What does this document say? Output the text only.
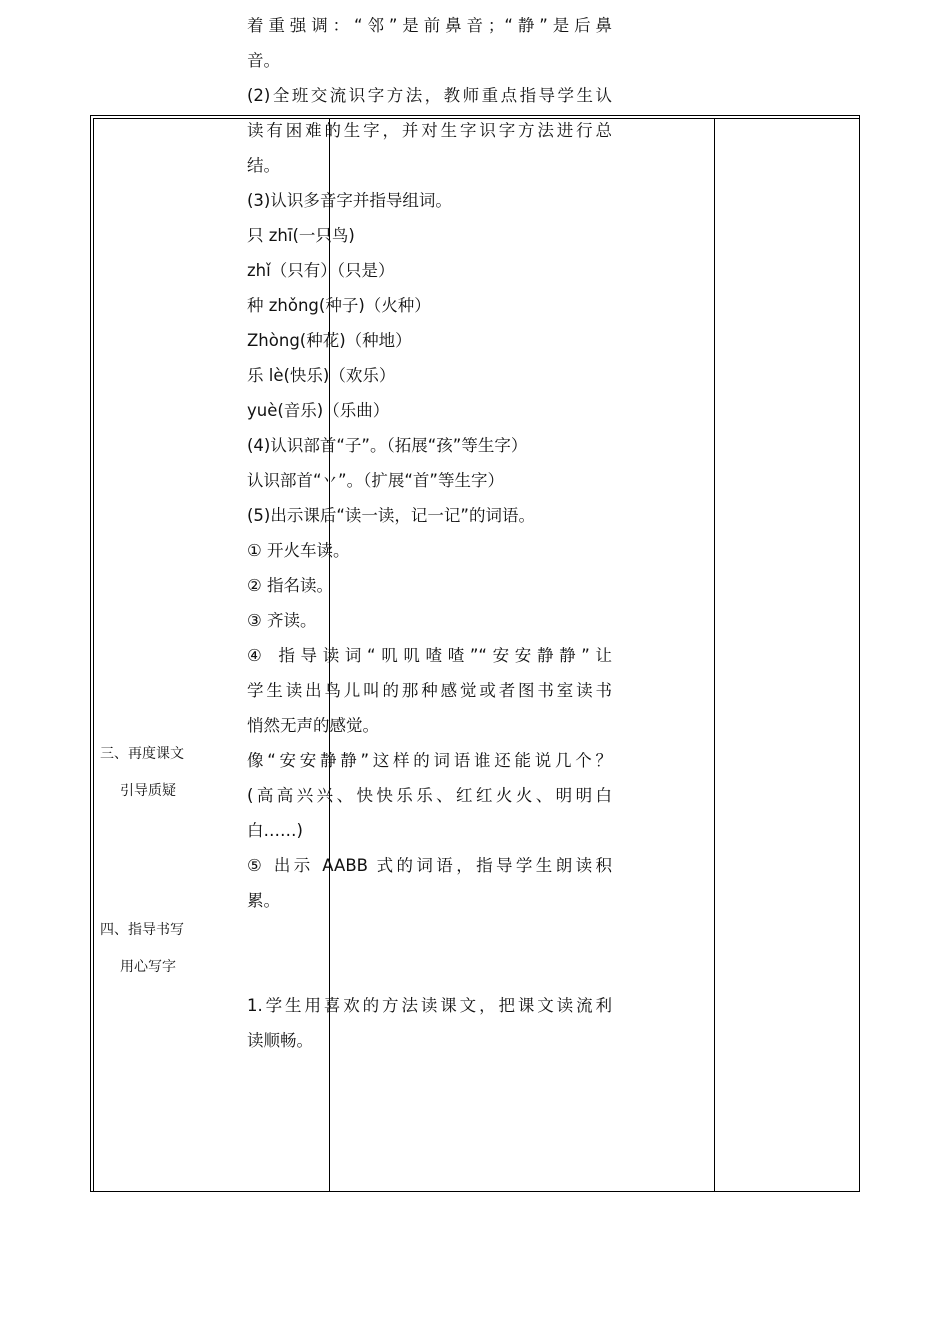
三、再度课文
引导质疑
四、指导书写
用心写字
着重强调：“邻”是前鼻音；“静”是后鼻
音。
(2)全班交流识字方法，教师重点指导学生认
读有困难的生字，并对生字识字方法进行总
结。
(3)认识多音字并指导组词。
只 zhī(一只鸟)
zhǐ（只有）（只是）
种 zhǒng(种子)（火种）
Zhòng(种花)（种地）
乐 lè(快乐)（欢乐）
yuè(音乐)（乐曲）
(4)认识部首“子”。（拓展“孩”等生字）
认识部首“丷”。（扩展“首”等生字）
(5)出示课后“读一读，记一记”的词语。
① 开火车读。
② 指名读。
③ 齐读。
④ 指导读词“叽叽喳喳”“安安静静”让
学生读出鸟儿叫的那种感觉或者图书室读书
悄然无声的感觉。
像“安安静静”这样的词语谁还能说几个？
(高高兴兴、快快乐乐、红红火火、明明白
白……)
⑤ 出示 AABB 式的词语，指导学生朗读积
累。
1.学生用喜欢的方法读课文，把课文读流利
读顺畅。
